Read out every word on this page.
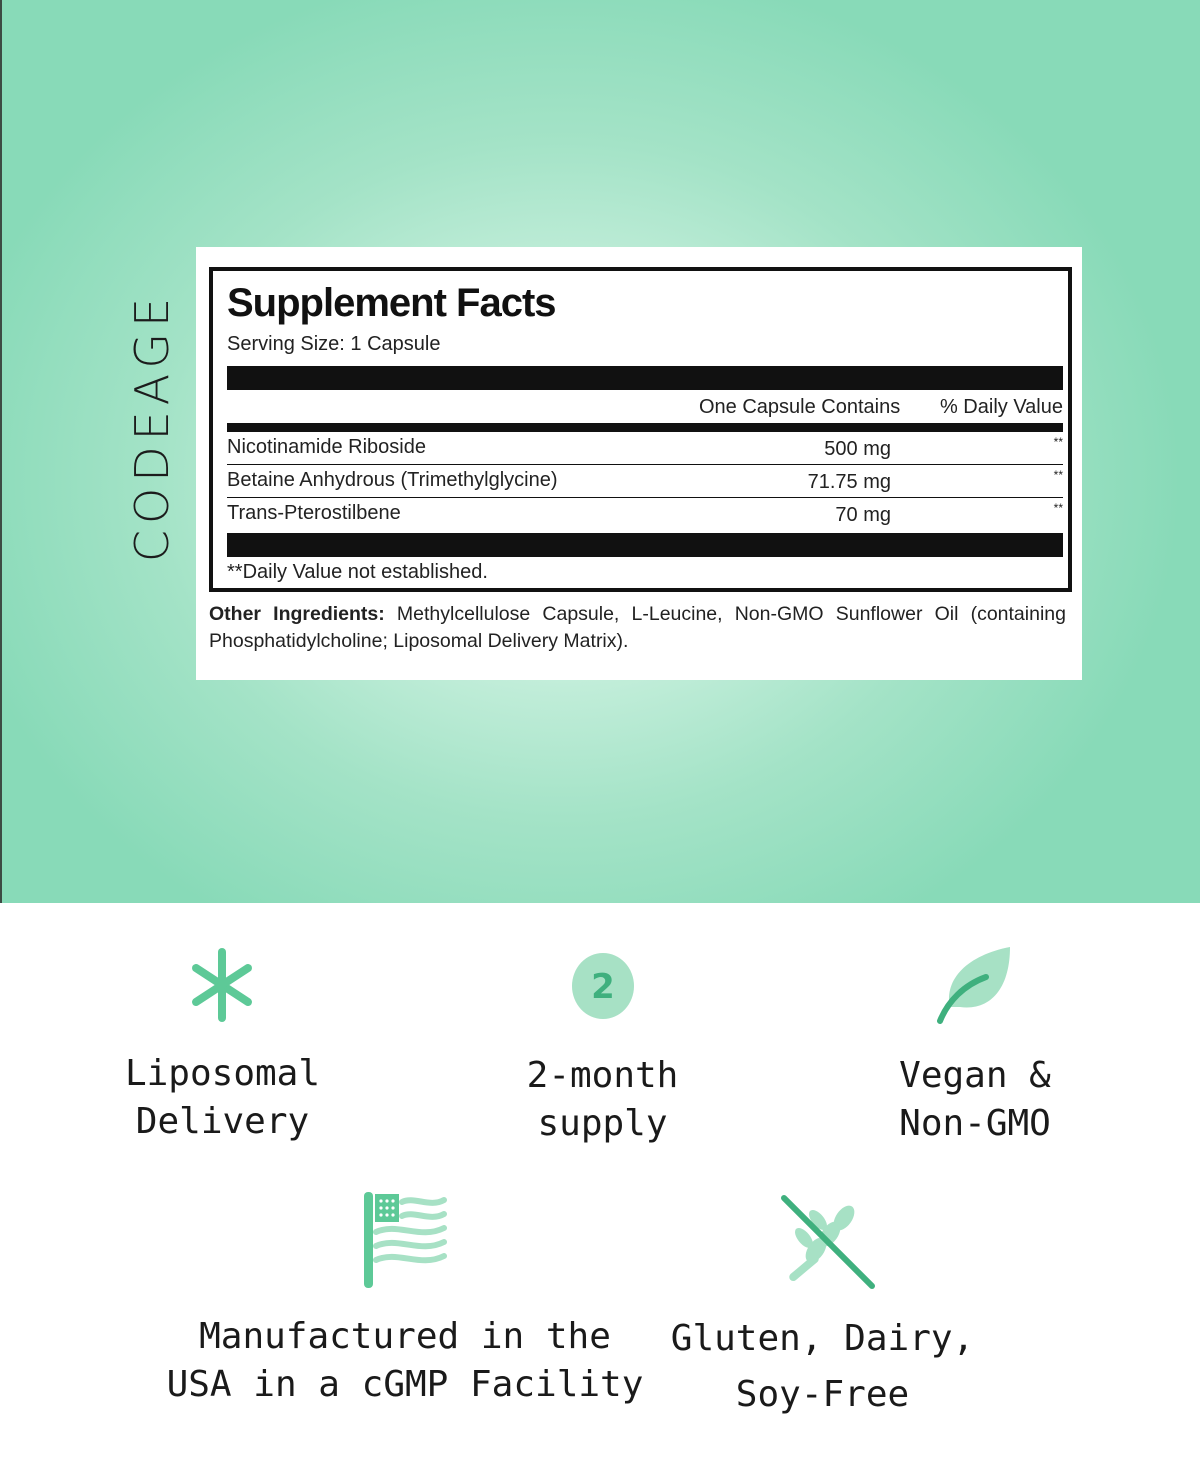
CODEAGE Supplement Facts
Serving Size: 1 Capsule
One Capsule Contains % Daily Value
Nicotinamide Riboside	500 mg	**
Betaine Anhydrous (Trimethylglycine)	71.75 mg	**
Trans-Pterostilbene	70 mg	**
**Daily Value not established.
Other Ingredients: Methylcellulose Capsule, L-Leucine, Non-GMO Sunflower Oil (containing Phosphatidylcholine; Liposomal Delivery Matrix).
Liposomal
Delivery
2
2-month
supply
Vegan &
Non-GMO
Manufactured in the
USA in a cGMP Facility
Gluten, Dairy,
Soy-Free
